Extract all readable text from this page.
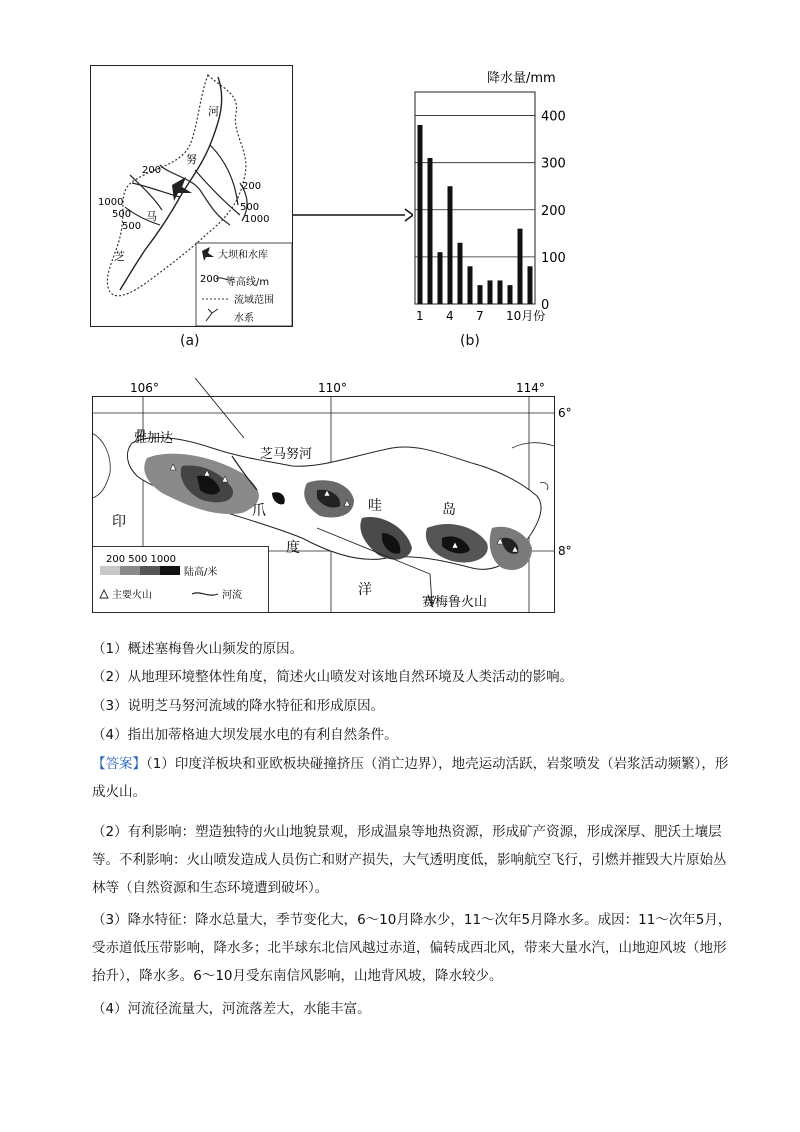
河
努
马
芝
200
200
1000
500
500
500
1000
大坝和水库
200 等高线/m
流域范围
水系
(a)
降水量/mm
0
100
200
300
400
1 4 7 10月份
(b)
106°	110°	114°
6°
8°
雅加达
芝马努河
爪	哇	岛
印
度
洋
赛梅鲁火山
200 500 1000
陆高/米
主要火山	河流
（1）概述塞梅鲁火山频发的原因。
（2）从地理环境整体性角度，简述火山喷发对该地自然环境及人类活动的影响。
（3）说明芝马努河流域的降水特征和形成原因。
（4）指出加蒂格迪大坝发展水电的有利自然条件。
【答案】（1）印度洋板块和亚欧板块碰撞挤压（消亡边界），地壳运动活跃，岩浆喷发（岩浆活动频繁），形成火山。
（2）有利影响：塑造独特的火山地貌景观，形成温泉等地热资源，形成矿产资源，形成深厚、肥沃土壤层等。不利影响：火山喷发造成人员伤亡和财产损失，大气透明度低，影响航空飞行，引燃并摧毁大片原始丛林等（自然资源和生态环境遭到破坏）。
（3）降水特征：降水总量大，季节变化大，6～10月降水少，11～次年5月降水多。成因：11～次年5月，受赤道低压带影响，降水多；北半球东北信风越过赤道，偏转成西北风，带来大量水汽，山地迎风坡（地形抬升），降水多。6～10月受东南信风影响，山地背风坡，降水较少。
（4）河流径流量大，河流落差大，水能丰富。
